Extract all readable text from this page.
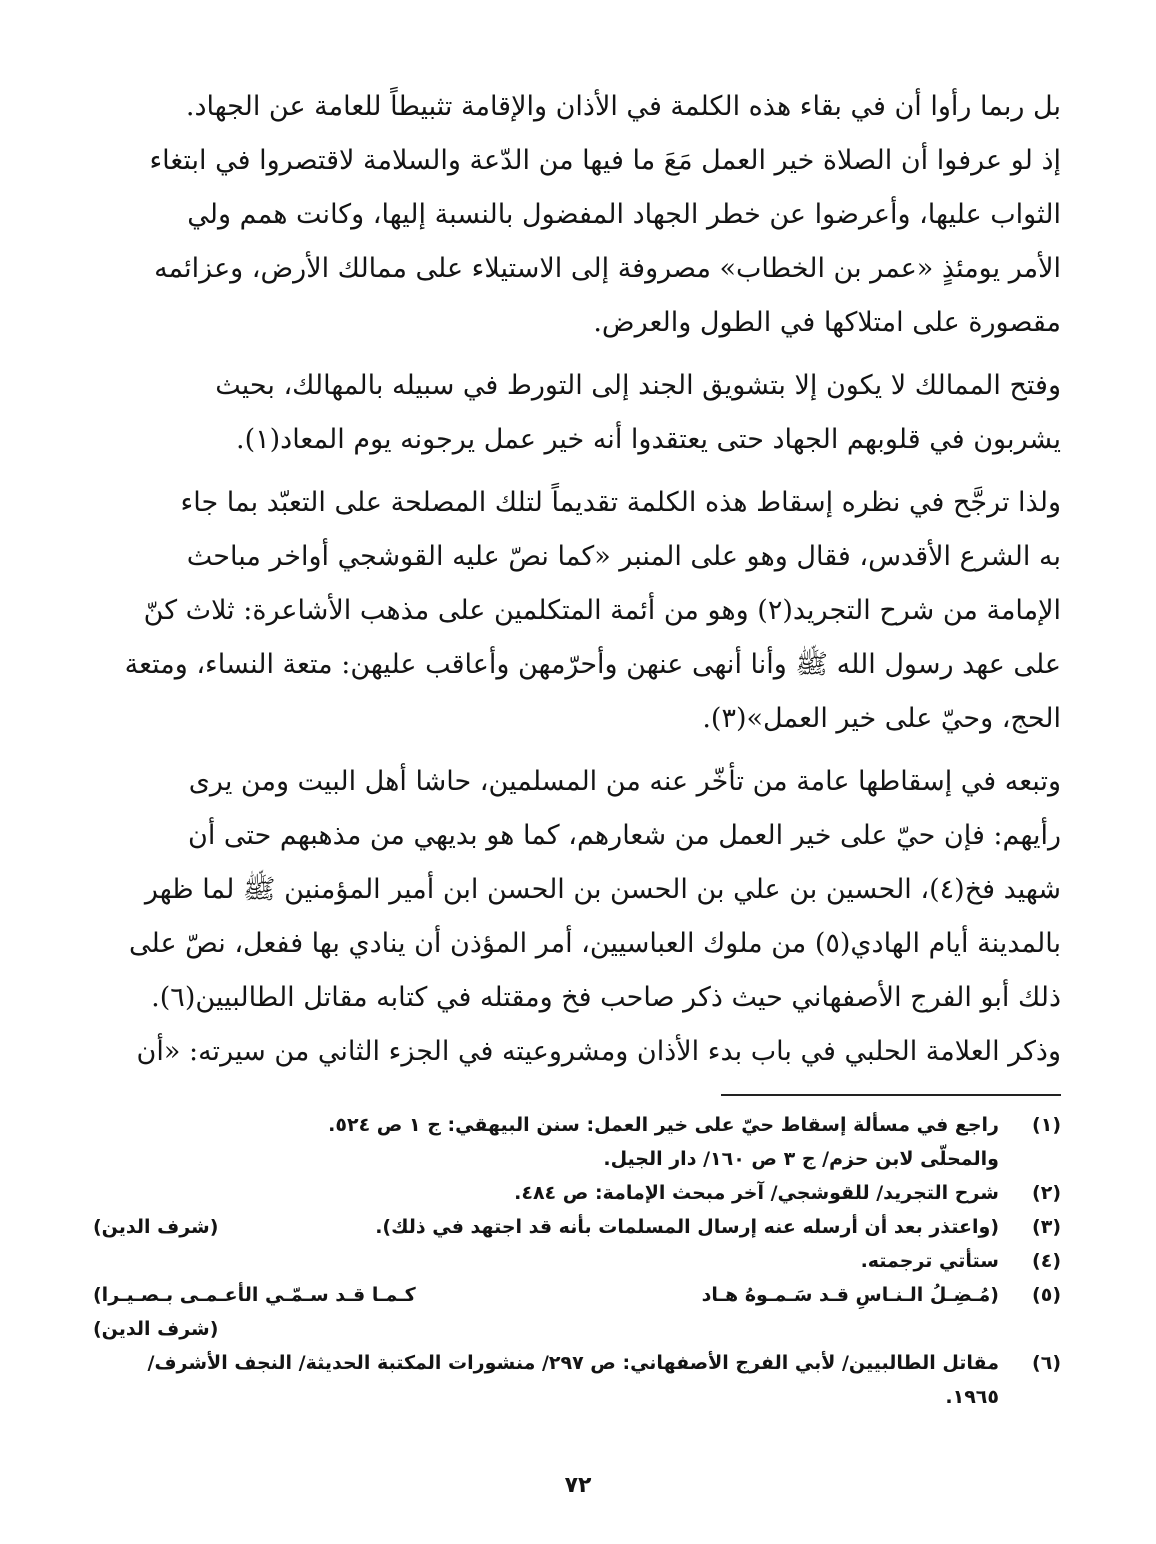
بل ربما رأوا أن في بقاء هذه الكلمة في الأذان والإقامة تثبيطاً للعامة عن الجهاد.
إذ لو عرفوا أن الصلاة خير العمل مَعَ ما فيها من الدّعة والسلامة لاقتصروا في ابتغاء
الثواب عليها، وأعرضوا عن خطر الجهاد المفضول بالنسبة إليها، وكانت همم ولي
الأمر يومئذٍ «عمر بن الخطاب» مصروفة إلى الاستيلاء على ممالك الأرض، وعزائمه
مقصورة على امتلاكها في الطول والعرض.

وفتح الممالك لا يكون إلا بتشويق الجند إلى التورط في سبيله بالمهالك، بحيث
يشربون في قلوبهم الجهاد حتى يعتقدوا أنه خير عمل يرجونه يوم المعاد(١).

ولذا ترجَّح في نظره إسقاط هذه الكلمة تقديماً لتلك المصلحة على التعبّد بما جاء
به الشرع الأقدس، فقال وهو على المنبر «كما نصّ عليه القوشجي أواخر مباحث
الإمامة من شرح التجريد(٢) وهو من أئمة المتكلمين على مذهب الأشاعرة: ثلاث كنّ
على عهد رسول الله ﷺ وأنا أنهى عنهن وأحرّمهن وأعاقب عليهن: متعة النساء، ومتعة
الحج، وحيّ على خير العمل»(٣).

وتبعه في إسقاطها عامة من تأخّر عنه من المسلمين، حاشا أهل البيت ومن يرى
رأيهم: فإن حيّ على خير العمل من شعارهم، كما هو بديهي من مذهبهم حتى أن
شهيد فخ(٤)، الحسين بن علي بن الحسن بن الحسن ابن أمير المؤمنين ﷺ لما ظهر
بالمدينة أيام الهادي(٥) من ملوك العباسيين، أمر المؤذن أن ينادي بها ففعل، نصّ على
ذلك أبو الفرج الأصفهاني حيث ذكر صاحب فخ ومقتله في كتابه مقاتل الطالبيين(٦).
وذكر العلامة الحلبي في باب بدء الأذان ومشروعيته في الجزء الثاني من سيرته: «أن

(١)
راجع في مسألة إسقاط حيّ على خير العمل: سنن البيهقي: ج ١ ص ٥٢٤.
والمحلّى لابن حزم/ ج ٣ ص ١٦٠/ دار الجيل.
(٢)
شرح التجريد/ للقوشجي/ آخر مبحث الإمامة: ص ٤٨٤.
(٣)
(واعتذر بعد أن أرسله عنه إرسال المسلمات بأنه قد اجتهد في ذلك).
(شرف الدين)
(٤)
ستأتي ترجمته.
(٥)
(مُـضِـلُ الـنـاسِ قـد سَـمـوهُ هـاد
كـمـا قـد سـمّـي الأعـمـى بـصـيـرا)
(شرف الدين)
(٦)
مقاتل الطالبيين/ لأبي الفرج الأصفهاني: ص ٢٩٧/ منشورات المكتبة الحديثة/ النجف الأشرف/
١٩٦٥.
٧٢
